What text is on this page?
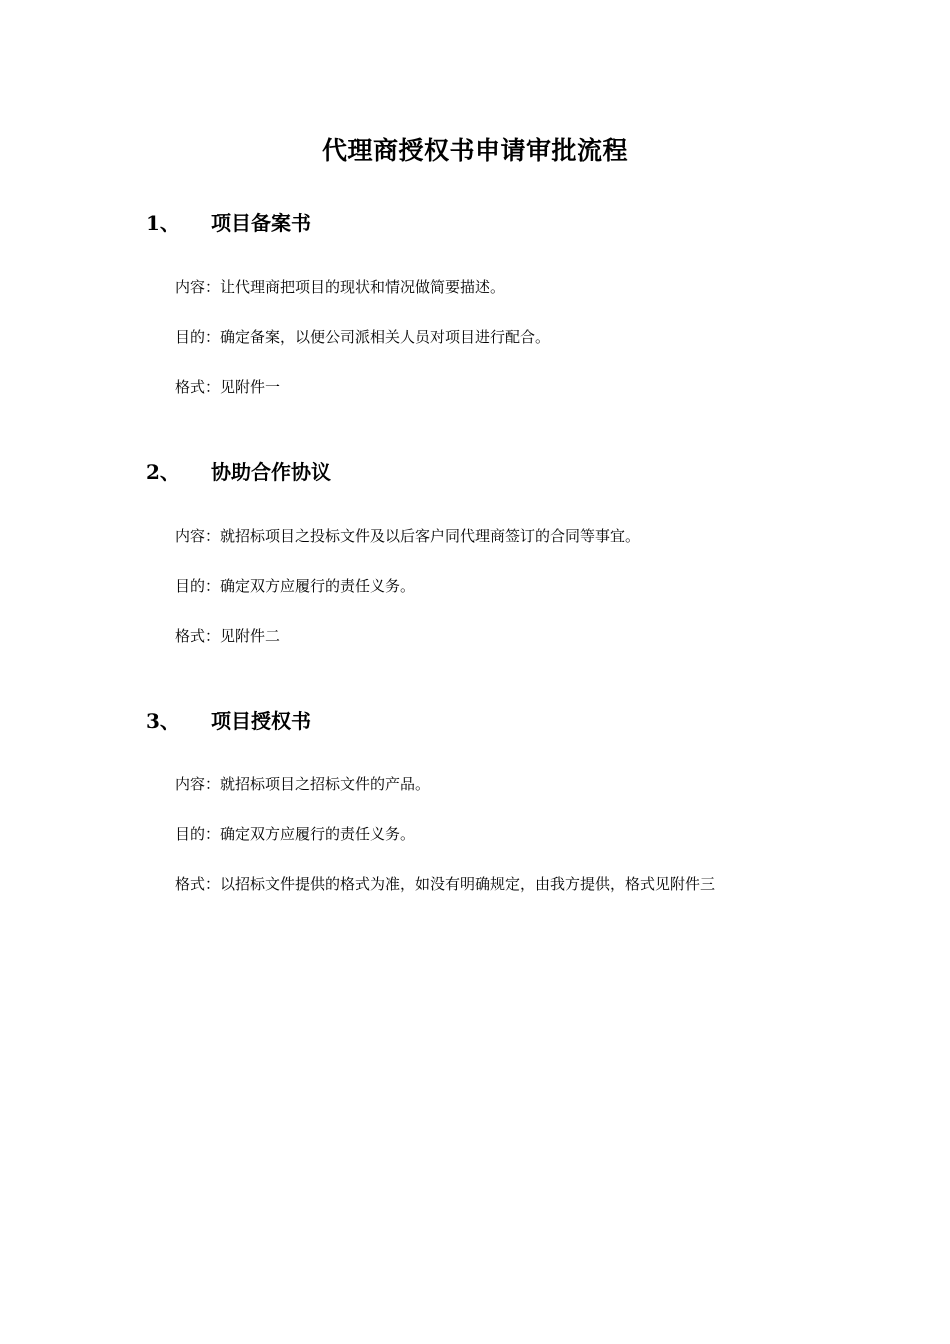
代理商授权书申请审批流程
1、 项目备案书
内容：让代理商把项目的现状和情况做简要描述。
目的：确定备案，以便公司派相关人员对项目进行配合。
格式：见附件一
2、 协助合作协议
内容：就招标项目之投标文件及以后客户同代理商签订的合同等事宜。
目的：确定双方应履行的责任义务。
格式：见附件二
3、 项目授权书
内容：就招标项目之招标文件的产品。
目的：确定双方应履行的责任义务。
格式：以招标文件提供的格式为准，如没有明确规定，由我方提供，格式见附件三
